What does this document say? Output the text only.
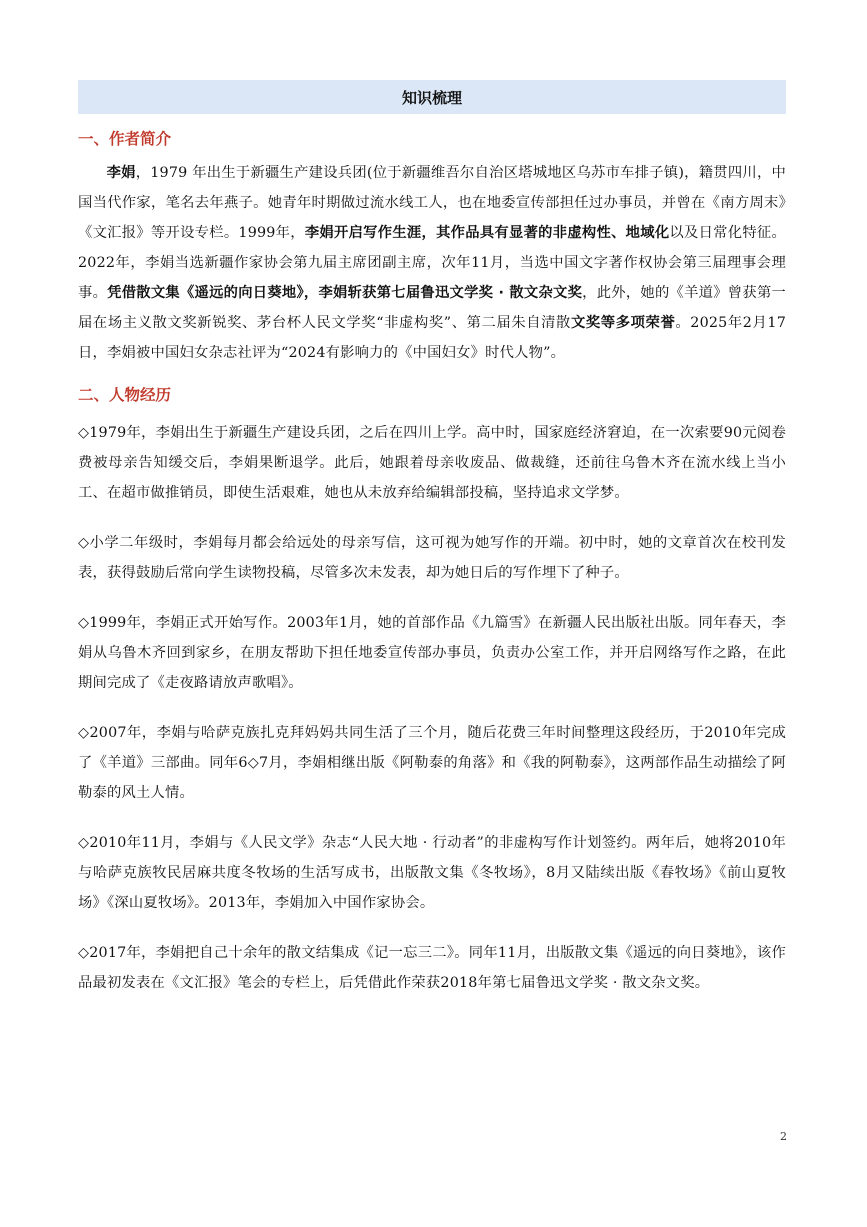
知识梳理
一、作者简介
李娟，1979 年出生于新疆生产建设兵团(位于新疆维吾尔自治区塔城地区乌苏市车排子镇)，籍贯四川，中国当代作家，笔名去年燕子。她青年时期做过流水线工人，也在地委宣传部担任过办事员，并曾在《南方周末》《文汇报》等开设专栏。1999年，李娟开启写作生涯，其作品具有显著的非虚构性、地域化以及日常化特征。2022年，李娟当选新疆作家协会第九届主席团副主席，次年11月，当选中国文字著作权协会第三届理事会理事。凭借散文集《遥远的向日葵地》，李娟斩获第七届鲁迅文学奖 · 散文杂文奖，此外，她的《羊道》曾获第一届在场主义散文奖新锐奖、茅台杯人民文学奖“非虚构奖”、第二届朱自清散文奖等多项荣誉。2025年2月17日，李娟被中国妇女杂志社评为“2024有影响力的《中国妇女》时代人物”。
二、人物经历
◇1979年，李娟出生于新疆生产建设兵团，之后在四川上学。高中时，国家庭经济窘迫，在一次索要90元阅卷费被母亲告知缓交后，李娟果断退学。此后，她跟着母亲收废品、做裁缝，还前往乌鲁木齐在流水线上当小工、在超市做推销员，即使生活艰难，她也从未放弃给编辑部投稿，坚持追求文学梦。
◇小学二年级时，李娟每月都会给远处的母亲写信，这可视为她写作的开端。初中时，她的文章首次在校刊发表，获得鼓励后常向学生读物投稿，尽管多次未发表，却为她日后的写作埋下了种子。
◇1999年，李娟正式开始写作。2003年1月，她的首部作品《九篇雪》在新疆人民出版社出版。同年春天，李娟从乌鲁木齐回到家乡，在朋友帮助下担任地委宣传部办事员，负责办公室工作，并开启网络写作之路，在此期间完成了《走夜路请放声歌唱》。
◇2007年，李娟与哈萨克族扎克拜妈妈共同生活了三个月，随后花费三年时间整理这段经历，于2010年完成了《羊道》三部曲。同年6◇7月，李娟相继出版《阿勒泰的角落》和《我的阿勒泰》，这两部作品生动描绘了阿勒泰的风土人情。
◇2010年11月，李娟与《人民文学》杂志“人民大地 · 行动者”的非虚构写作计划签约。两年后，她将2010年与哈萨克族牧民居麻共度冬牧场的生活写成书，出版散文集《冬牧场》，8月又陆续出版《春牧场》《前山夏牧场》《深山夏牧场》。2013年，李娟加入中国作家协会。
◇2017年，李娟把自己十余年的散文结集成《记一忘三二》。同年11月，出版散文集《遥远的向日葵地》，该作品最初发表在《文汇报》笔会的专栏上，后凭借此作荣获2018年第七届鲁迅文学奖 · 散文杂文奖。
2
